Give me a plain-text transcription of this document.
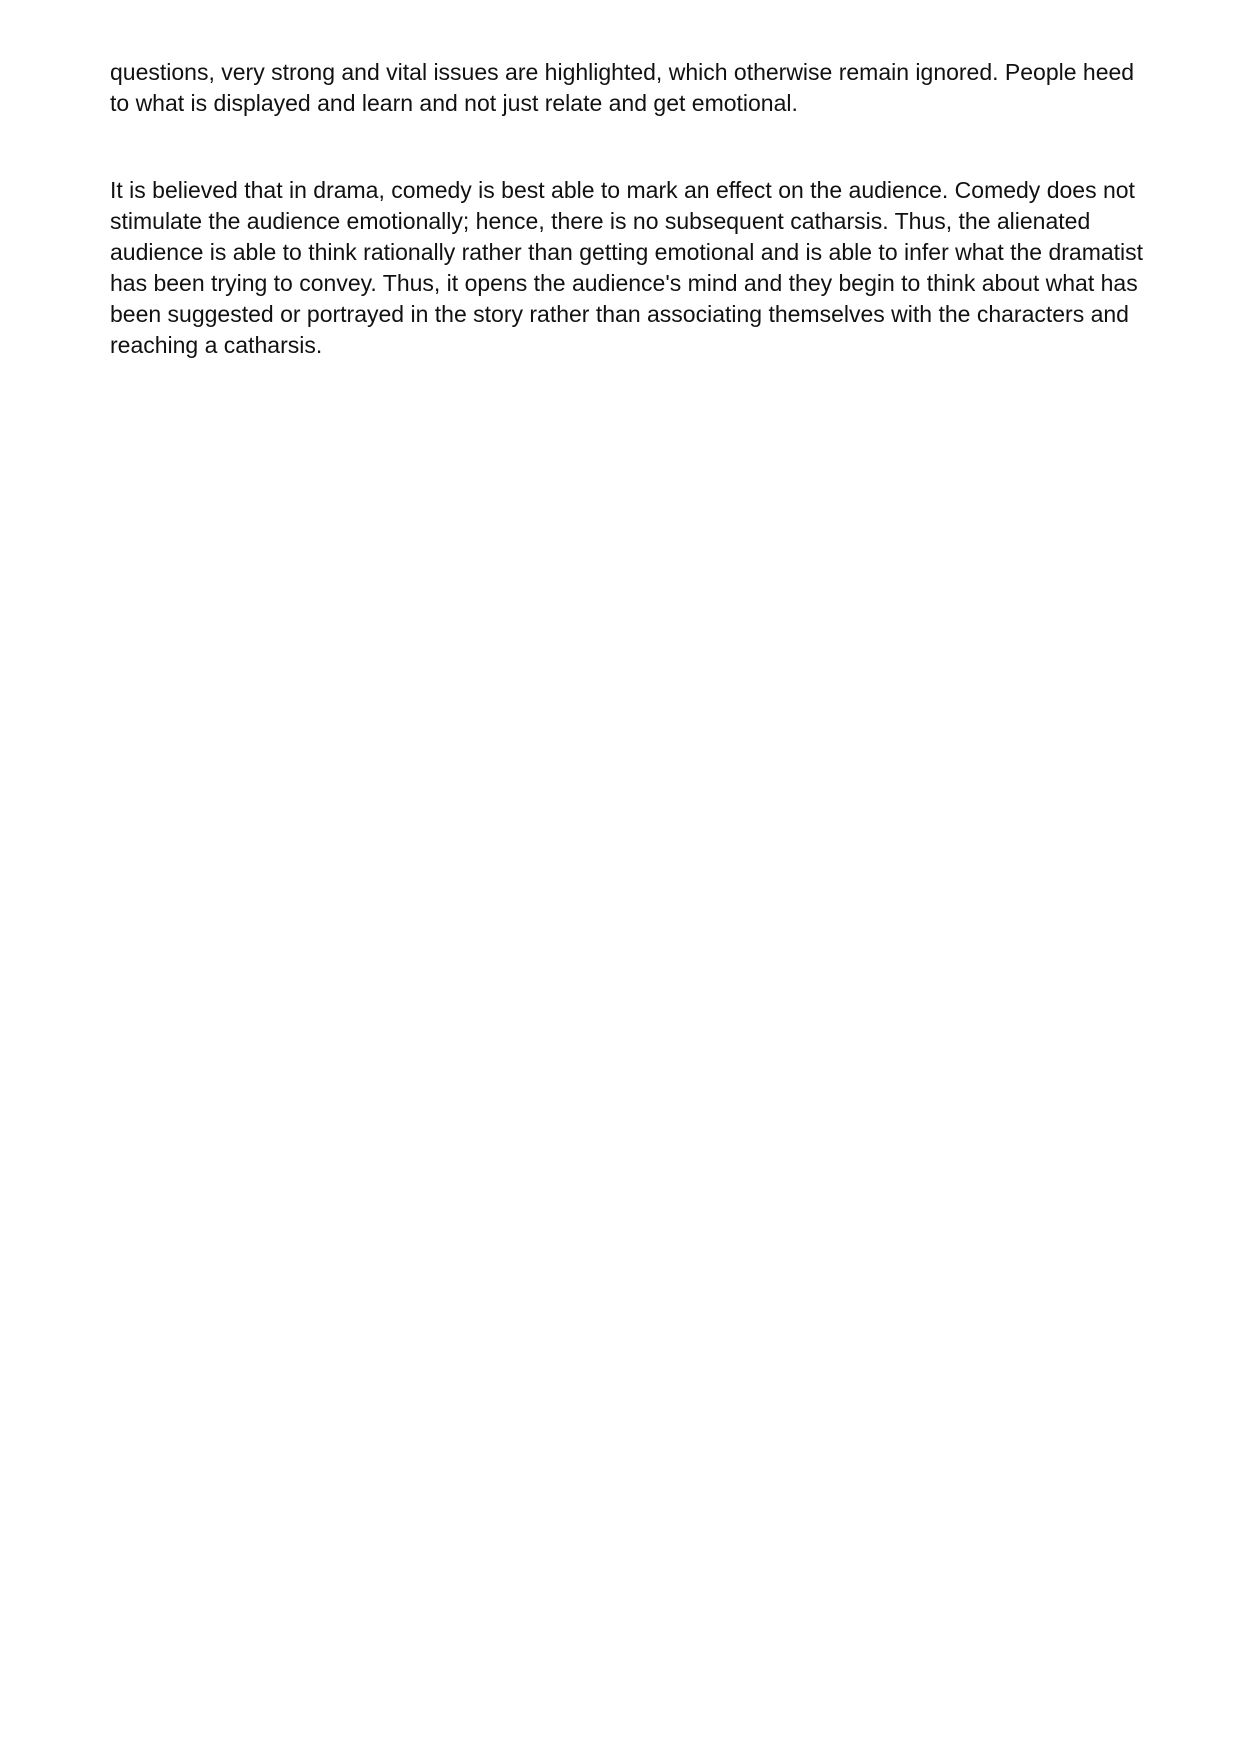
questions, very strong and vital issues are highlighted, which otherwise remain ignored. People heed
to what is displayed and learn and not just relate and get emotional.

It is believed that in drama, comedy is best able to mark an effect on the audience. Comedy does not
stimulate the audience emotionally; hence, there is no subsequent catharsis. Thus, the alienated
audience is able to think rationally rather than getting emotional and is able to infer what the dramatist
has been trying to convey. Thus, it opens the audience's mind and they begin to think about what has
been suggested or portrayed in the story rather than associating themselves with the characters and
reaching a catharsis.
